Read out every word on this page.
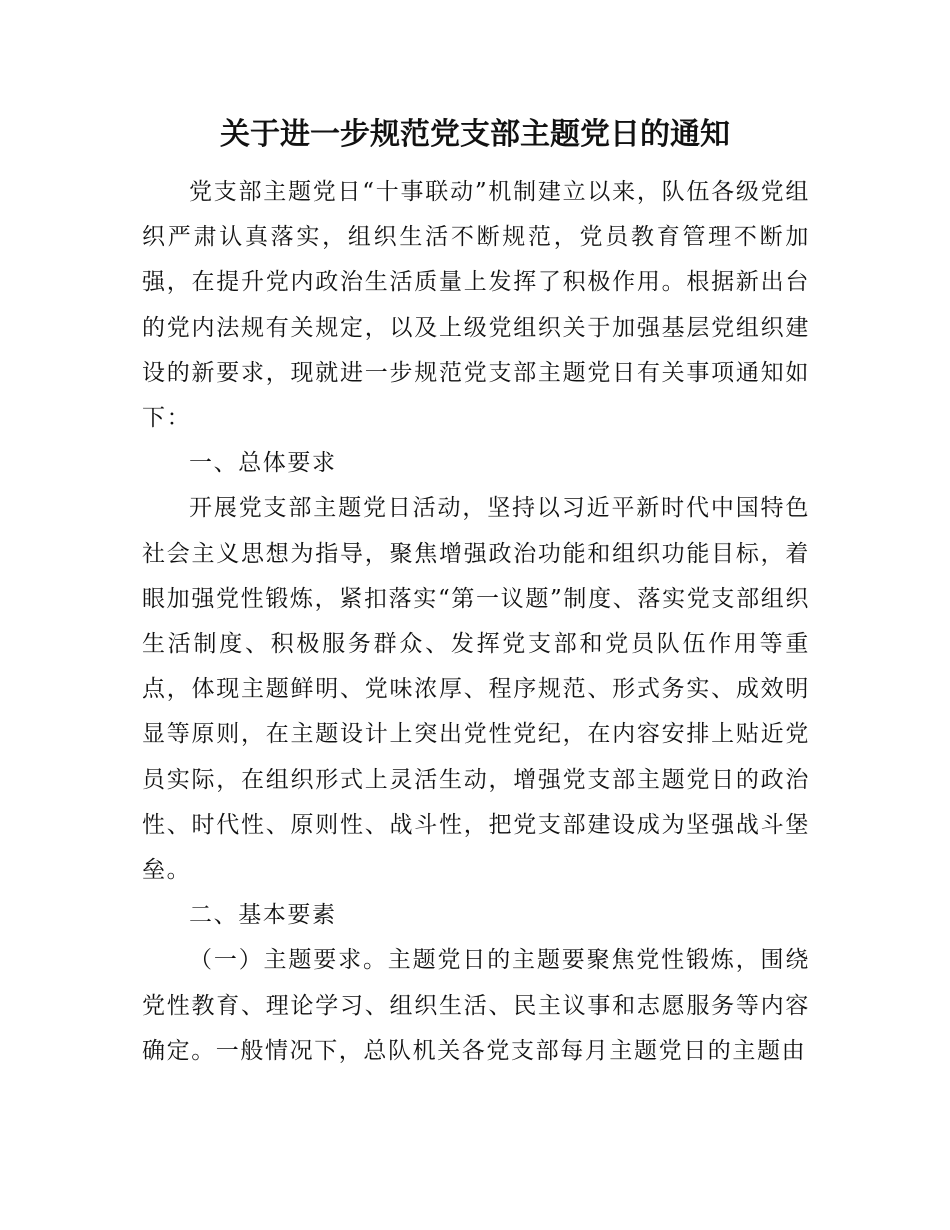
关于进一步规范党支部主题党日的通知

党支部主题党日“十事联动”机制建立以来，队伍各级党组织严肃认真落实，组织生活不断规范，党员教育管理不断加强，在提升党内政治生活质量上发挥了积极作用。根据新出台的党内法规有关规定，以及上级党组织关于加强基层党组织建设的新要求，现就进一步规范党支部主题党日有关事项通知如下：

一、总体要求

开展党支部主题党日活动，坚持以习近平新时代中国特色社会主义思想为指导，聚焦增强政治功能和组织功能目标，着眼加强党性锻炼，紧扣落实“第一议题”制度、落实党支部组织生活制度、积极服务群众、发挥党支部和党员队伍作用等重点，体现主题鲜明、党味浓厚、程序规范、形式务实、成效明显等原则，在主题设计上突出党性党纪，在内容安排上贴近党员实际，在组织形式上灵活生动，增强党支部主题党日的政治性、时代性、原则性、战斗性，把党支部建设成为坚强战斗堡垒。

二、基本要素

（一）主题要求。主题党日的主题要聚焦党性锻炼，围绕党性教育、理论学习、组织生活、民主议事和志愿服务等内容确定。一般情况下，总队机关各党支部每月主题党日的主题由
